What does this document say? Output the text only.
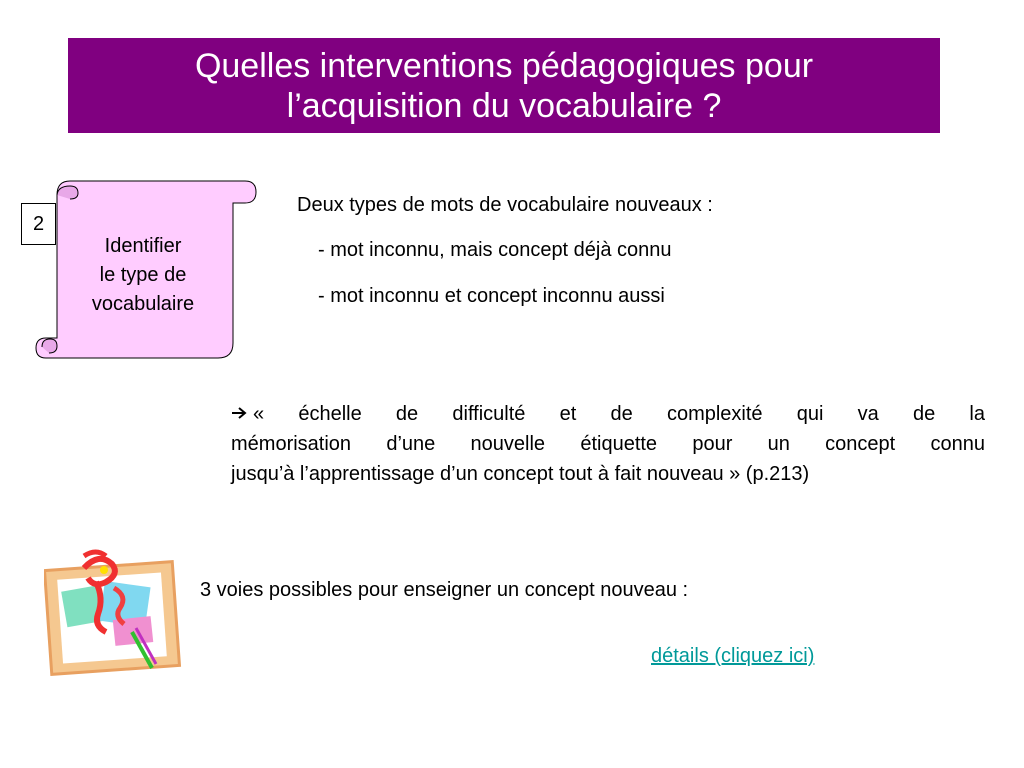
Quelles interventions pédagogiques pour
l’acquisition du vocabulaire ?
Identifier
le type de
vocabulaire
2
Deux types de mots de vocabulaire nouveaux :
- mot inconnu, mais concept déjà connu
- mot inconnu et concept inconnu aussi
« échelle de difficulté et de complexité qui va de la
mémorisation d’une nouvelle étiquette pour un concept connu
jusqu’à l’apprentissage d’un concept tout à fait nouveau » (p.213)
3 voies possibles pour enseigner un concept nouveau :
détails (cliquez ici)
